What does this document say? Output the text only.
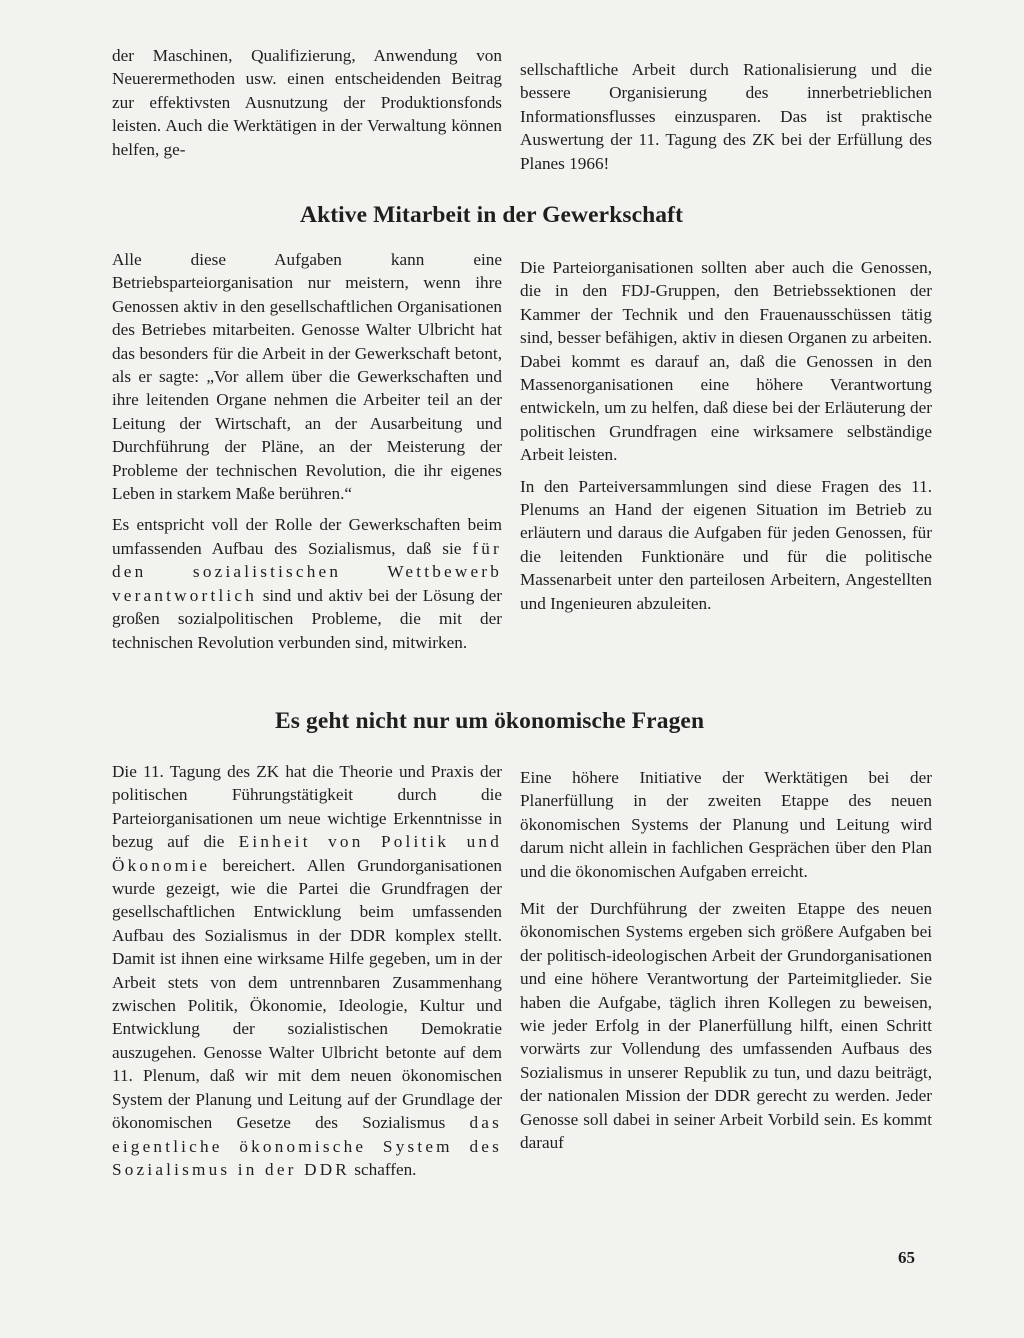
der Maschinen, Qualifizierung, Anwendung von Neuerermethoden usw. einen entscheidenden Beitrag zur effektivsten Ausnutzung der Produktionsfonds leisten. Auch die Werktätigen in der Verwaltung können helfen, ge-

sellschaftliche Arbeit durch Rationalisierung und die bessere Organisierung des innerbetrieblichen Informationsflusses einzusparen. Das ist praktische Auswertung der 11. Tagung des ZK bei der Erfüllung des Planes 1966!

Aktive Mitarbeit in der Gewerkschaft

Alle diese Aufgaben kann eine Betriebsparteiorganisation nur meistern, wenn ihre Genossen aktiv in den gesellschaftlichen Organisationen des Betriebes mitarbeiten. Genosse Walter Ulbricht hat das besonders für die Arbeit in der Gewerkschaft betont, als er sagte: „Vor allem über die Gewerkschaften und ihre leitenden Organe nehmen die Arbeiter teil an der Leitung der Wirtschaft, an der Ausarbeitung und Durchführung der Pläne, an der Meisterung der Probleme der technischen Revolution, die ihr eigenes Leben in starkem Maße berühren.“

Es entspricht voll der Rolle der Gewerkschaften beim umfassenden Aufbau des Sozialismus, daß sie für den sozialistischen Wettbewerb verantwortlich sind und aktiv bei der Lösung der großen sozialpolitischen Probleme, die mit der technischen Revolution verbunden sind, mitwirken.

Die Parteiorganisationen sollten aber auch die Genossen, die in den FDJ-Gruppen, den Betriebssektionen der Kammer der Technik und den Frauenausschüssen tätig sind, besser befähigen, aktiv in diesen Organen zu arbeiten. Dabei kommt es darauf an, daß die Genossen in den Massenorganisationen eine höhere Verantwortung entwickeln, um zu helfen, daß diese bei der Erläuterung der politischen Grundfragen eine wirksamere selbständige Arbeit leisten.

In den Parteiversammlungen sind diese Fragen des 11. Plenums an Hand der eigenen Situation im Betrieb zu erläutern und daraus die Aufgaben für jeden Genossen, für die leitenden Funktionäre und für die politische Massenarbeit unter den parteilosen Arbeitern, Angestellten und Ingenieuren abzuleiten.

Es geht nicht nur um ökonomische Fragen

Die 11. Tagung des ZK hat die Theorie und Praxis der politischen Führungstätigkeit durch die Parteiorganisationen um neue wichtige Erkenntnisse in bezug auf die Einheit von Politik und Ökonomie bereichert. Allen Grundorganisationen wurde gezeigt, wie die Partei die Grundfragen der gesellschaftlichen Entwicklung beim umfassenden Aufbau des Sozialismus in der DDR komplex stellt. Damit ist ihnen eine wirksame Hilfe gegeben, um in der Arbeit stets von dem untrennbaren Zusammenhang zwischen Politik, Ökonomie, Ideologie, Kultur und Entwicklung der sozialistischen Demokratie auszugehen. Genosse Walter Ulbricht betonte auf dem 11. Plenum, daß wir mit dem neuen ökonomischen System der Planung und Leitung auf der Grundlage der ökonomischen Gesetze des Sozialismus das eigentliche ökonomische System des Sozialismus in der DDR schaffen.

Eine höhere Initiative der Werktätigen bei der Planerfüllung in der zweiten Etappe des neuen ökonomischen Systems der Planung und Leitung wird darum nicht allein in fachlichen Gesprächen über den Plan und die ökonomischen Aufgaben erreicht.

Mit der Durchführung der zweiten Etappe des neuen ökonomischen Systems ergeben sich größere Aufgaben bei der politisch-ideologischen Arbeit der Grundorganisationen und eine höhere Verantwortung der Parteimitglieder. Sie haben die Aufgabe, täglich ihren Kollegen zu beweisen, wie jeder Erfolg in der Planerfüllung hilft, einen Schritt vorwärts zur Vollendung des umfassenden Aufbaus des Sozialismus in unserer Republik zu tun, und dazu beiträgt, der nationalen Mission der DDR gerecht zu werden. Jeder Genosse soll dabei in seiner Arbeit Vorbild sein. Es kommt darauf

65
